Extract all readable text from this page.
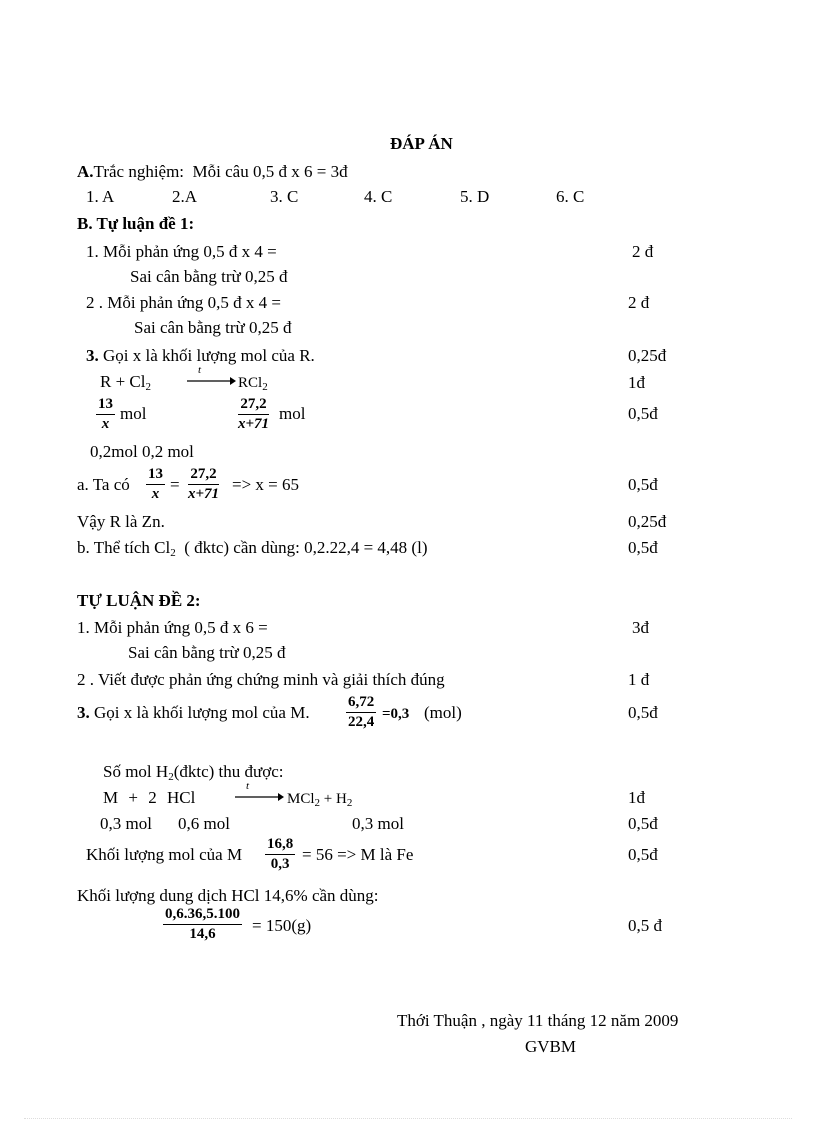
ĐÁP ÁN
A.Trắc nghiệm: Mỗi câu 0,5 đ x 6 = 3đ
1. A	2.A	3. C	4. C	5. D	6. C
B. Tự luận đề 1:
1. Mỗi phản ứng 0,5 đ x 4 =	2 đ
Sai cân bằng trừ 0,25 đ
2 . Mỗi phản ứng 0,5 đ x 4 =	2 đ
Sai cân bằng trừ 0,25 đ
3. Gọi x là khối lượng mol của R.	0,25đ
$R + Cl_2$
t
RCl$_2$	1đ
$\frac{13}{x}$ mol	$\frac{27,2}{x+71}$ mol	0,5đ
0,2mol 0,2 mol
a. Ta có $\frac{13}{x} = \frac{27,2}{x+71} => x = 65$	0,5đ
Vậy R là Zn.	0,25đ
b. Thể tích $Cl_2$ ( đktc) cần dùng: 0,2.22,4 = 4,48 (l)	0,5đ
TỰ LUẬN ĐỀ 2:
1. Mỗi phản ứng 0,5 đ x 6 =	3đ
Sai cân bằng trừ 0,25 đ
2 . Viết được phản ứng chứng minh và giải thích đúng	1 đ
3. Gọi x là khối lượng mol của M. $\frac{6,72}{22,4} =0,3$ (mol)	0,5đ
Số mol $H_2(đktc)$ thu được:
M + 2 HCl
t
$MCl_2 + H_2$	1đ
0,3 mol 0,6 mol	0,3 mol	0,5đ
Khối lượng mol của M $\frac{16,8}{0,3} = 56 => M$ là Fe	0,5đ
Khối lượng dung dịch HCl 14,6% cần dùng:
$\frac{0,6.36,5.100}{14,6} = 150(g)$	0,5 đ
Thới Thuận , ngày 11 tháng 12 năm 2009
GVBM
